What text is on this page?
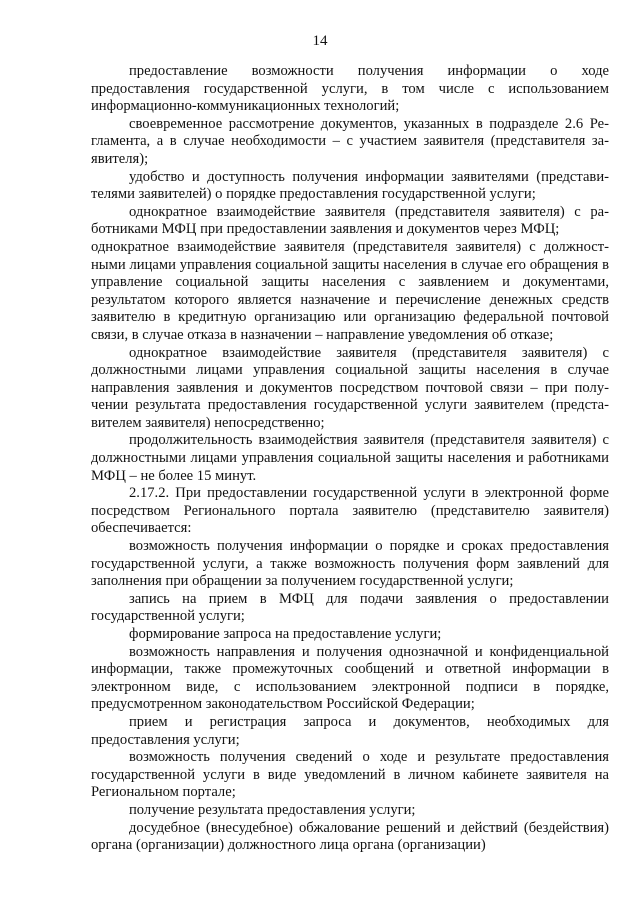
14

предоставление возможности получения информации о ходе предоставления государственной услуги, в том числе с использованием информационно-коммуникационных технологий;

своевременное рассмотрение документов, указанных в подразделе 2.6 Регламента, а в случае необходимости – с участием заявителя (представителя заявителя);

удобство и доступность получения информации заявителями (представителями заявителей) о порядке предоставления государственной услуги;

однократное взаимодействие заявителя (представителя заявителя) с работниками МФЦ при предоставлении заявления и документов через МФЦ;

однократное взаимодействие заявителя (представителя заявителя) с должностными лицами управления социальной защиты населения в случае его обращения в управление социальной защиты населения с заявлением и документами, результатом которого является назначение и перечисление денежных средств заявителю в кредитную организацию или организацию федеральной почтовой связи, в случае отказа в назначении – направление уведомления об отказе;

однократное взаимодействие заявителя (представителя заявителя) с должностными лицами управления социальной защиты населения в случае направления заявления и документов посредством почтовой связи – при получении результата предоставления государственной услуги заявителем (представителем заявителя) непосредственно;

продолжительность взаимодействия заявителя (представителя заявителя) с должностными лицами управления социальной защиты населения и работниками МФЦ – не более 15 минут.

2.17.2. При предоставлении государственной услуги в электронной форме посредством Регионального портала заявителю (представителю заявителя) обеспечивается:

возможность получения информации о порядке и сроках предоставления государственной услуги, а также возможность получения форм заявлений для заполнения при обращении за получением государственной услуги;

запись на прием в МФЦ для подачи заявления о предоставлении государственной услуги;

формирование запроса на предоставление услуги;

возможность направления и получения однозначной и конфиденциальной информации, также промежуточных сообщений и ответной информации в электронном виде, с использованием электронной подписи в порядке, предусмотренном законодательством Российской Федерации;

прием и регистрация запроса и документов, необходимых для предоставления услуги;

возможность получения сведений о ходе и результате предоставления государственной услуги в виде уведомлений в личном кабинете заявителя на Региональном портале;

получение результата предоставления услуги;

досудебное (внесудебное) обжалование решений и действий (бездействия) органа (организации) должностного лица органа (организации)
